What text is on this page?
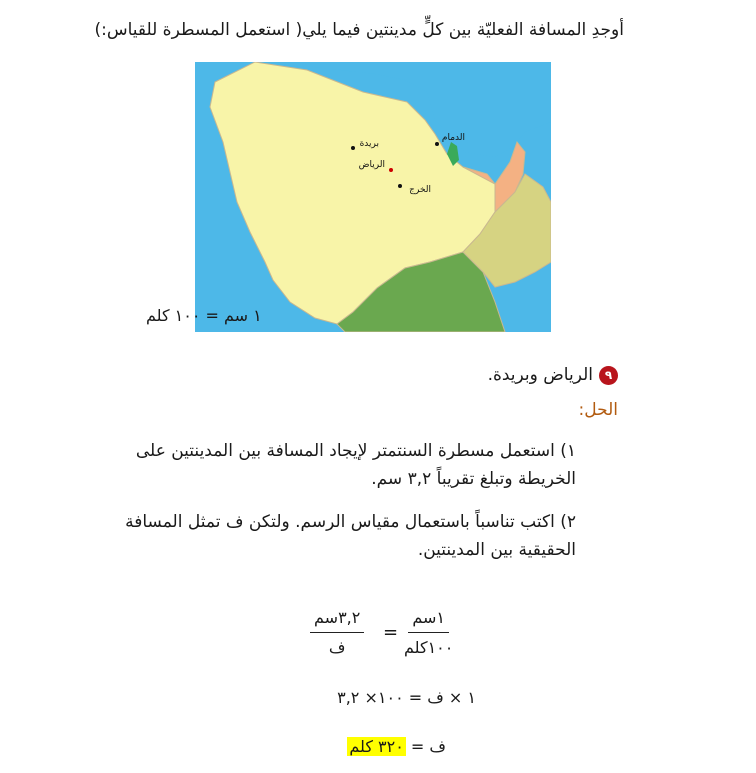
أوجدِ المسافة الفعليّة بين كلٍّ مدينتين فيما يلي( استعمل المسطرة للقياس:)
الدمام
بريدة
الرياض
الخرج
١ سم = ١٠٠ كلم
٩
الرياض وبريدة.
الحل:
١) استعمل مسطرة السنتمتر لإيجاد المسافة بين المدينتين على
الخريطة وتبلغ تقريباً ٣,٢ سم.
٢) اكتب تناسباً باستعمال مقياس الرسم. ولتكن ف تمثل المسافة
الحقيقية بين المدينتين.
٣,٢سم
ف
=
١سم
١٠٠كلم
١ × ف = ١٠٠× ٣,٢
ف = ٣٢٠ كلم
